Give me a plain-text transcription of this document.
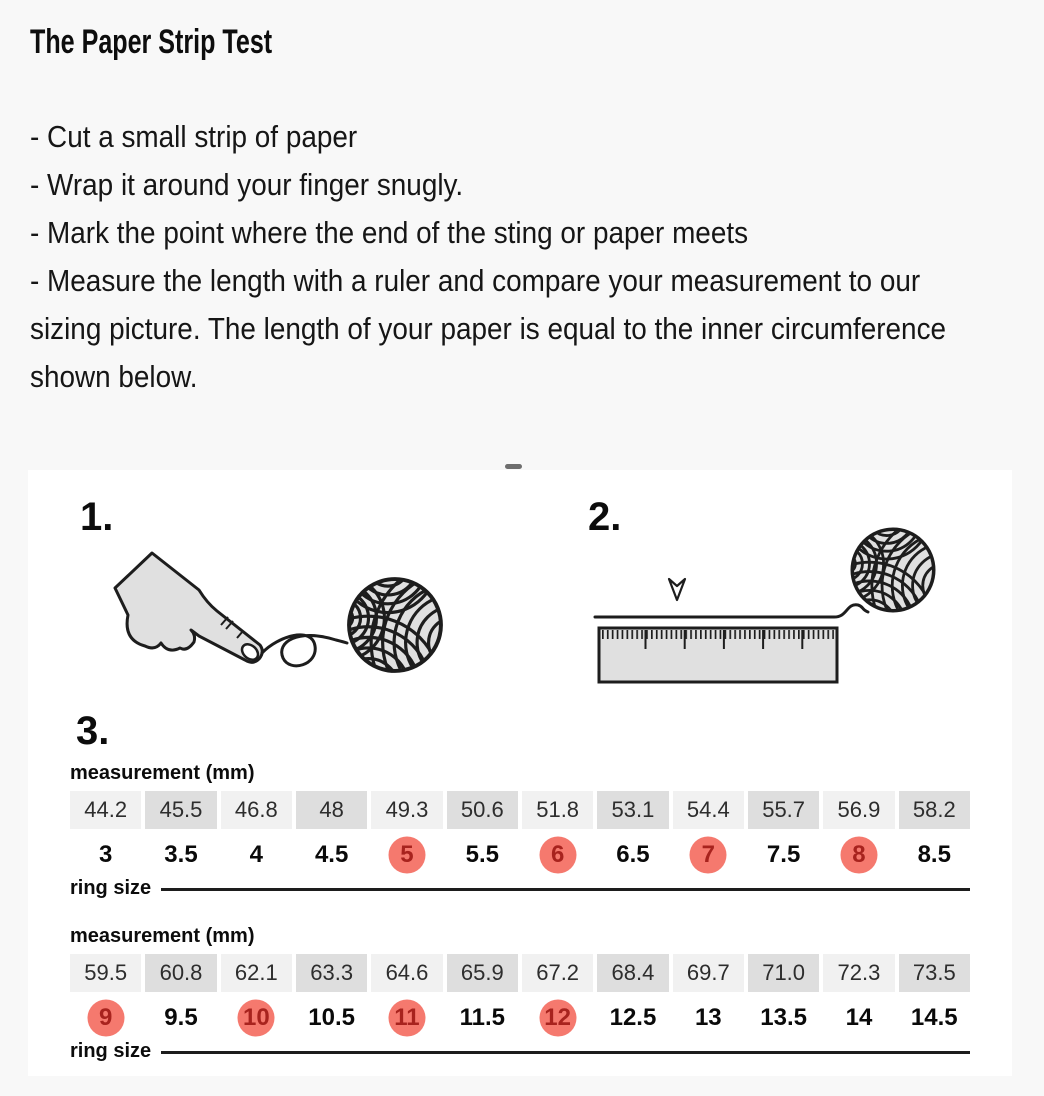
The Paper Strip Test
- Cut a small strip of paper
- Wrap it around your finger snugly.
- Mark the point where the end of the sting or paper meets
- Measure the length with a ruler and compare your measurement to our sizing picture. The length of your paper is equal to the inner circumference shown below.
1.	2.
3.
measurement (mm)
44.2	45.5	46.8	48	49.3	50.6	51.8	53.1	54.4	55.7	56.9	58.2
3	3.5	4	4.5	5	5.5	6	6.5	7	7.5	8	8.5
ring size
measurement (mm)
59.5	60.8	62.1	63.3	64.6	65.9	67.2	68.4	69.7	71.0	72.3	73.5
9	9.5	10	10.5	11	11.5	12	12.5	13	13.5	14	14.5
ring size
